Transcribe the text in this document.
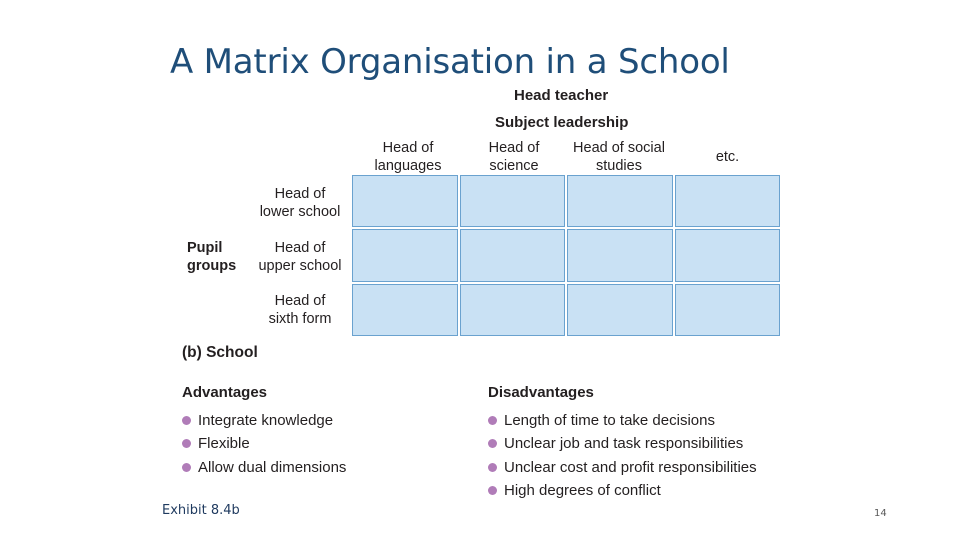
A Matrix Organisation in a School
Head teacher
Subject leadership
Head of
languages
Head of
science
Head of social
studies
etc.
Pupil
groups
Head of
lower school
Head of
upper school
Head of
sixth form
(b) School
Advantages
Integrate knowledge
Flexible
Allow dual dimensions
Disadvantages
Length of time to take decisions
Unclear job and task responsibilities
Unclear cost and profit responsibilities
High degrees of conflict
Exhibit 8.4b	14
